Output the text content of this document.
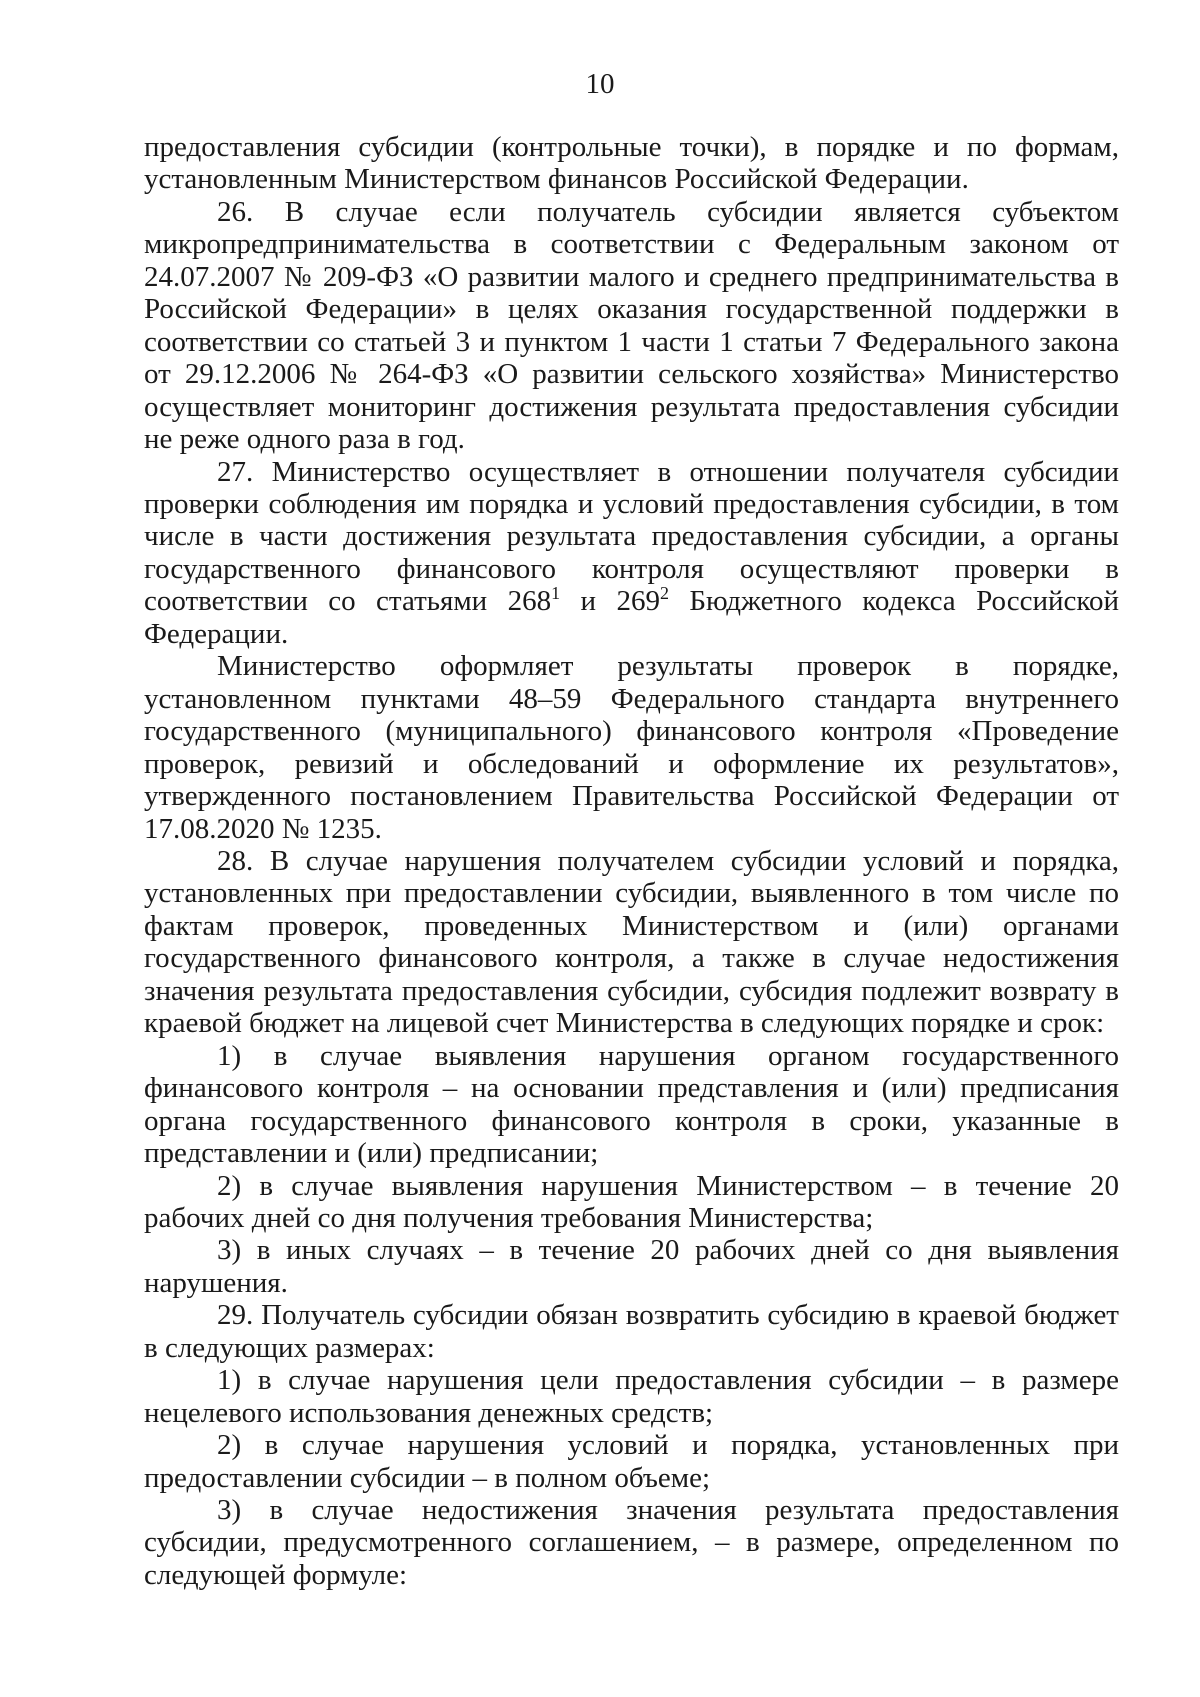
10

предоставления субсидии (контрольные точки), в порядке и по формам, установленным Министерством финансов Российской Федерации.

26. В случае если получатель субсидии является субъектом микропредпринимательства в соответствии с Федеральным законом от 24.07.2007 № 209-ФЗ «О развитии малого и среднего предпринимательства в Российской Федерации» в целях оказания государственной поддержки в соответствии со статьей 3 и пунктом 1 части 1 статьи 7 Федерального закона от 29.12.2006 № 264-ФЗ «О развитии сельского хозяйства» Министерство осуществляет мониторинг достижения результата предоставления субсидии не реже одного раза в год.

27. Министерство осуществляет в отношении получателя субсидии проверки соблюдения им порядка и условий предоставления субсидии, в том числе в части достижения результата предоставления субсидии, а органы государственного финансового контроля осуществляют проверки в соответствии со статьями $268^1$ и $269^2$ Бюджетного кодекса Российской Федерации.

Министерство оформляет результаты проверок в порядке, установленном пунктами 48–59 Федерального стандарта внутреннего государственного (муниципального) финансового контроля «Проведение проверок, ревизий и обследований и оформление их результатов», утвержденного постановлением Правительства Российской Федерации от 17.08.2020 № 1235.

28. В случае нарушения получателем субсидии условий и порядка, установленных при предоставлении субсидии, выявленного в том числе по фактам проверок, проведенных Министерством и (или) органами государственного финансового контроля, а также в случае недостижения значения результата предоставления субсидии, субсидия подлежит возврату в краевой бюджет на лицевой счет Министерства в следующих порядке и срок:

1) в случае выявления нарушения органом государственного финансового контроля – на основании представления и (или) предписания органа государственного финансового контроля в сроки, указанные в представлении и (или) предписании;

2) в случае выявления нарушения Министерством – в течение 20 рабочих дней со дня получения требования Министерства;

3) в иных случаях – в течение 20 рабочих дней со дня выявления нарушения.

29. Получатель субсидии обязан возвратить субсидию в краевой бюджет в следующих размерах:

1) в случае нарушения цели предоставления субсидии – в размере нецелевого использования денежных средств;

2) в случае нарушения условий и порядка, установленных при предоставлении субсидии – в полном объеме;

3) в случае недостижения значения результата предоставления субсидии, предусмотренного соглашением, – в размере, определенном по следующей формуле:
